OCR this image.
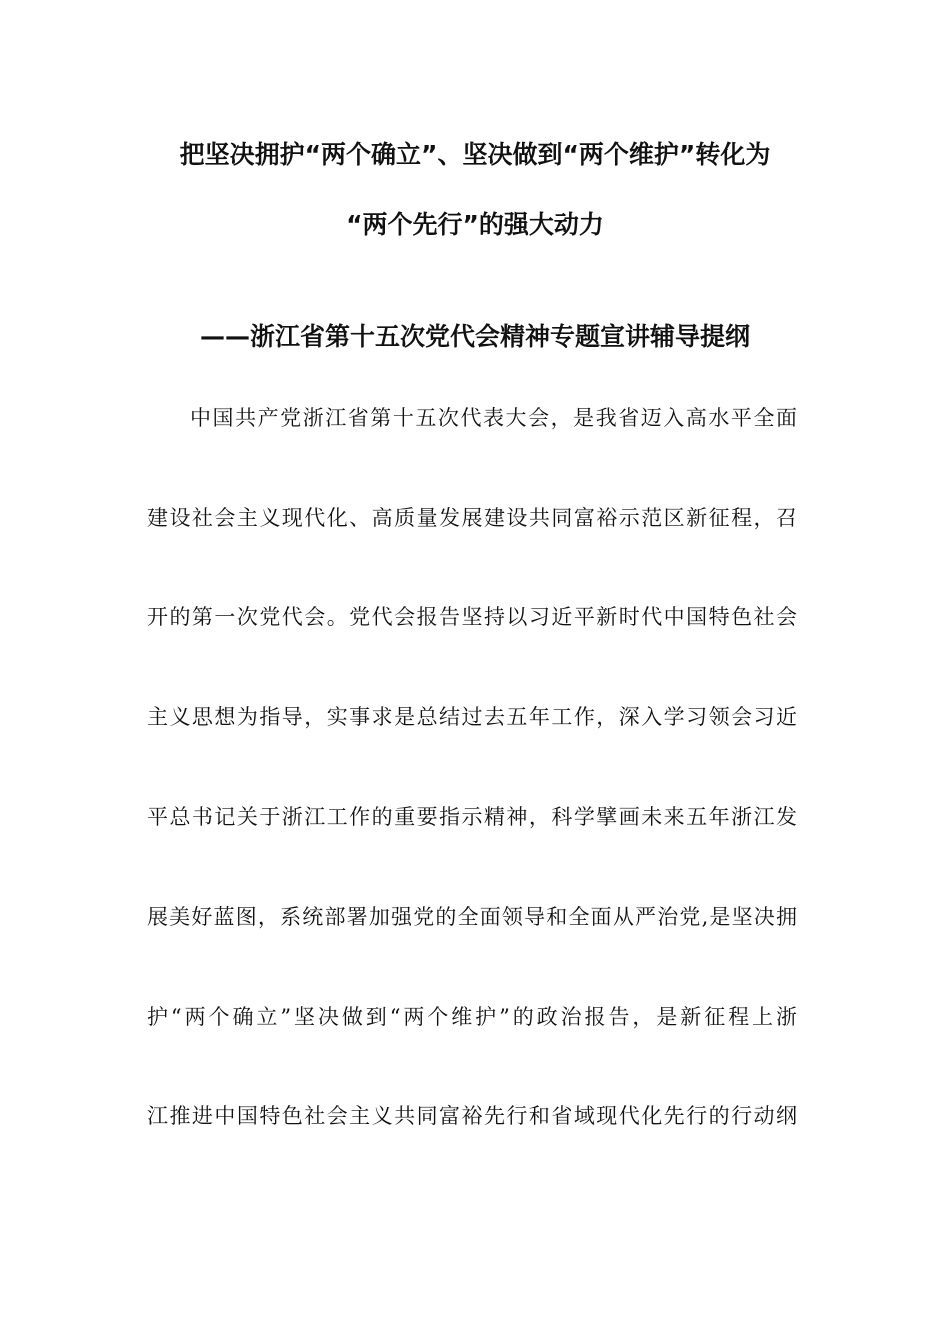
把坚决拥护“两个确立”、坚决做到“两个维护”转化为
“两个先行”的强大动力
——浙江省第十五次党代会精神专题宣讲辅导提纲
中国共产党浙江省第十五次代表大会，是我省迈入高水平全面
建设社会主义现代化、高质量发展建设共同富裕示范区新征程，召
开的第一次党代会。党代会报告坚持以习近平新时代中国特色社会
主义思想为指导，实事求是总结过去五年工作，深入学习领会习近
平总书记关于浙江工作的重要指示精神，科学擘画未来五年浙江发
展美好蓝图，系统部署加强党的全面领导和全面从严治党,是坚决拥
护“两个确立”坚决做到“两个维护”的政治报告，是新征程上浙
江推进中国特色社会主义共同富裕先行和省域现代化先行的行动纲
